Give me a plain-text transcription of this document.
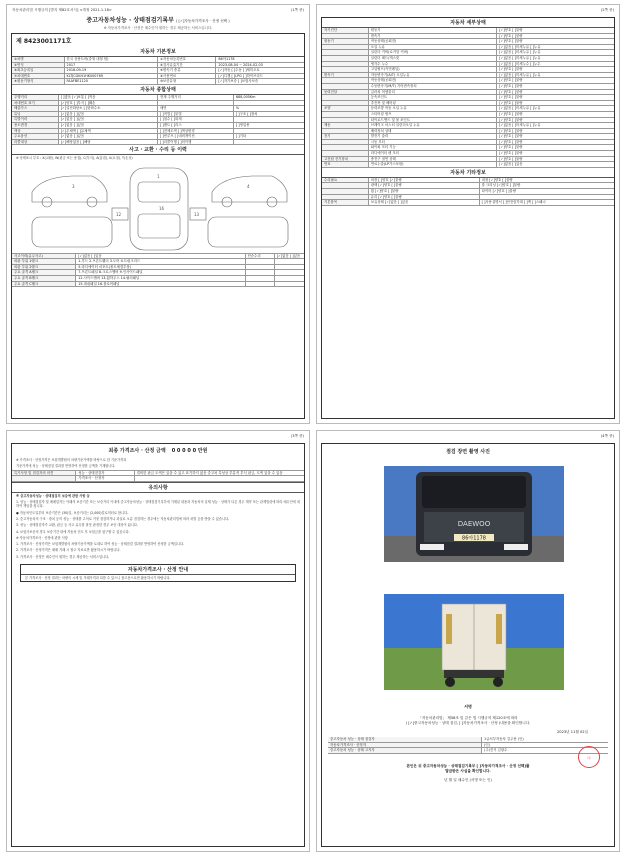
자동차관리법 시행규칙 [별지 제82호서식] <개정 2021.1.18>	(1쪽 중)
중고자동차성능 · 상태점검기록부 ( [✓]자동차가격조사 · 산정 선택 )
※ 자동차가격조사 · 산정은 매수인이 원하는 경우 제공하는 서비스입니다.
제 8423001171호
자동차 기본정보
①차명	한국 상용트럭(중형 대형 탑)	②자동차등록번호	86아1178
③연식	2017	④검사유효기간	2023-08-04 ~ 2024-02-03
⑤최초등록일	2016-09-19	⑥변속기 종류	[✓]자동 [ ]수동 [ ]세미오토
⑦차대번호	KLTJCGKH1HK000769	⑧사용연료	[✓]디젤 [ ]LPG [ ]하이브리드
⑨원동기형식	FAAFBE1120	⑩보증유형	[✓]자가보증 [ ]보험사보증
자동차 종합상태
주행거리	[ ]많음 [✓]보통 [ ]적음	현재 주행거리	688,005Km
차대번호 표기	[✓]양호 [ ]부식 [ ]훼손
배출가스	[✓]일산화탄소 [ ]탄화수소	매연	%
튜닝	[✓]없음 [ ]있음	[ ]적법 [ ]불법	[ ]구조 [ ]장치
특별이력	[✓]없음 [ ]있음	[ ]침수 [ ]화재
용도변경	[✓]없음 [ ]있음	[ ]렌트 [ ]리스	[ ]영업용
색상	[✓]무채색 [ ]유채색	[ ]전체도색 [ ]색상변경
주요옵션	[✓]없음 [ ]있음	[ ]썬루프 [ ]네비게이션	[ ]기타
리콜대상	[✓]해당없음 [ ]해당	[ ]리콜이행 [ ]미이행
사고 · 교환 · 수리 등 이력
※ 상태표시 부호 : X(교환), W(판금 또는 용접), C(부식), A(흠집), U(요철), T(손상)
1
16
3	4
12	13
사고이력(유무사고)	[✓]없음 [ ]있음	단순수리	[✓]없음 [ ]있음
외판 부위 1랭크	1.후드 2.프론트휀더 3.도어 4.트렁크리드
외판 부위 2랭크	5.라디에이터 서포트(볼트체결부품)
주요 골격 A랭크	7.프론트패널 8.크로스멤버 9.인사이드패널
주요 골격 B랭크	12.사이드멤버 13.휠하우스 14.필러패널
주요 골격 C랭크	15.대쉬패널 16.플로어패널
(2쪽 중)
자동차 세부상태
자기진단	원동기	[✓]양호 [ ]불량
변속기	[✓]양호 [ ]불량
원동기	작동상태(공회전)	[✓]양호 [ ]불량
오일 누유	[✓]없음 [ ]미세누유 [ ]누유
실린더 커버(로커암 커버)	[✓]없음 [ ]미세누유 [ ]누유
실린더 헤드/개스킷	[✓]없음 [ ]미세누유 [ ]누유
냉각수 누수	[✓]없음 [ ]미세누수 [ ]누수
고압펌프(커먼레일)	[✓]양호 [ ]불량
변속기	자동변속기(A/T) 오일누유	[✓]없음 [ ]미세누유 [ ]누유
작동상태(공회전)	[✓]양호 [ ]불량
수동변속기(M/T) 기어변속장치	[✓]양호 [ ]불량
동력전달	클러치 어셈블리	[✓]양호 [ ]불량
등속조인트	[✓]양호 [ ]불량
추진축 및 베어링	[✓]양호 [ ]불량
조향	동력조향 작동 오일 누유	[✓]없음 [ ]미세누유 [ ]누유
스티어링 펌프	[✓]양호 [ ]불량
타이로드엔드 및 볼 조인트	[✓]양호 [ ]불량
제동	브레이크 마스터 실린더오일 누유	[✓]없음 [ ]미세누유 [ ]누유
배력장치 상태	[✓]양호 [ ]불량
전기	발전기 출력	[✓]양호 [ ]불량
시동 모터	[✓]양호 [ ]불량
와이퍼 모터 기능	[✓]양호 [ ]불량
라디에이터 팬 모터	[✓]양호 [ ]불량
고전원 전기장치	충전구 절연 상태	[✓]양호 [ ]불량
연료	연료누출(LP가스포함)	[✓]없음 [ ]있음
자동차 기타정보
수리필요	외장 [ ]양호 [✓]불량	내장 [✓]양호 [ ]불량
광택 [✓]양호 [ ]불량	룸 크리닝 [✓]양호 [ ]불량
휠 [✓]양호 [ ]불량	타이어 [✓]양호 [ ]불량
유리 [✓]양호 [ ]불량
기본품목	보유상태 [✓]없음 [ ]있음	[ ]사용설명서 [ ]안전삼각대 [ ]잭 [ ]스패너
(3쪽 중)
최종 가격조사 · 산정 금액 0 0 0 0 0 만원
※ 가격조사 · 산정가격은 보험개발원의 차량기준가액을 바탕으로 한 기준가격과
기준가격에 성능 · 상태점검 결과를 반영하여 산정한 금액을 기재합니다.
특기사항 및 점검자의 의견	성능 · 상태점검자	결비한 판금 도색은 있을 수 있고 표기하지 않음 중고차 특성상 부분적 부식 판금, 도색 있을 수 있음
가격조사 · 산정자
유의사항
※ 중고자동차성능 · 상태점검의 보증에 관한 사항 등
1. 성능 · 상태점검자 및 매매업자는 아래의 보증기간 또는 보증거리 이내에 중고자동차성능 · 상태점검기록부에 기재된 내용과 자동차의 실제 성능 · 상태가 다른 경우 계약 또는 관계법령에 따라 매수인에 대하여 책임을 집니다.
● 자동차인도일부터 보증기간은 (30)일, 보증거리는 (2,000)킬로미터로 합니다.
2. 중고자동차의 구조 · 장치 등의 성능 · 상태를 고의로 거짓 점검하거나 과실로 오류 점검하는 경우에는 자동차관리법에 따라 처벌 등을 받을 수 있습니다.
3. 성능 · 상태점검자가 교환, 판금 등 사고 유무를 잘못 판정한 경우 보증 대상이 됩니다.
4. 보험사보증의 경우 보증기간 내에 자동차 인도 후 보험금을 청구할 수 있습니다.
※ 자동차가격조사 · 산정에 관한 사항
1. 가격조사 · 산정가격은 보험개발원의 차량기준가액을 토대로 하여 성능 · 상태점검 결과를 반영하여 산정한 금액입니다.
2. 가격조사 · 산정가격은 매매 거래 시 참고 자료로만 활용하시기 바랍니다.
3. 가격조사 · 산정은 매수인이 원하는 경우 제공하는 서비스입니다.
자동차가격조사 · 산정 안내
본 가격조사 · 산정 결과는 차량의 시세 및 거래가격과 다를 수 있으니 참고용으로만 활용하시기 바랍니다.
(4쪽 중)
점검 장면 촬영 사진
DAEWOO
86아1178
서명
「자동차관리법」 제58조 및 같은 법 시행규칙 제120조에 따라
( [✓]중고자동차성능 · 상태 점검, [ ]자동차가격조사 · 산정 )내용을 확인합니다.
2023년 11월 02일
중고자동차 성능 · 상태 점검자	1급서부자동차 김주용 (인)
자동차가격조사 · 산정자	(인)
중고자동차 성능 · 상태 고지자	(주)진거 김광수
본인은 위 중고자동차성능 · 상태점검기록부 [ ]자동차가격조사 · 산정 선택]를
발급받은 사실을 확인합니다.
년 월 일 매수인 (서명 또는 인)
印
